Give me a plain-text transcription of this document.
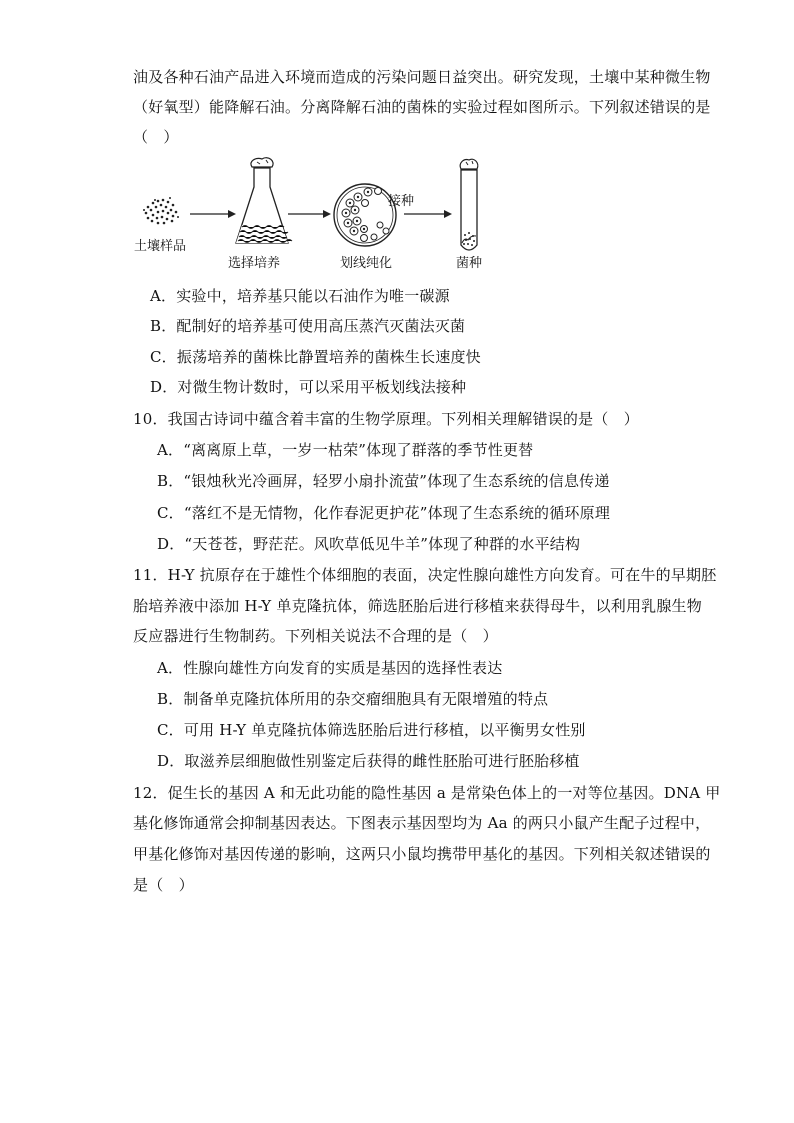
油及各种石油产品进入环境而造成的污染问题日益突出。研究发现，土壤中某种微生物
（好氧型）能降解石油。分离降解石油的菌株的实验过程如图所示。下列叙述错误的是
（　）
土壤样品
选择培养	划线纯化
接种
菌种
A．实验中，培养基只能以石油作为唯一碳源
B．配制好的培养基可使用高压蒸汽灭菌法灭菌
C．振荡培养的菌株比静置培养的菌株生长速度快
D．对微生物计数时，可以采用平板划线法接种
10．我国古诗词中蕴含着丰富的生物学原理。下列相关理解错误的是（　）
A．“离离原上草，一岁一枯荣”体现了群落的季节性更替
B．“银烛秋光冷画屏，轻罗小扇扑流萤”体现了生态系统的信息传递
C．“落红不是无情物，化作春泥更护花”体现了生态系统的循环原理
D．“天苍苍，野茫茫。风吹草低见牛羊”体现了种群的水平结构
11．H-Y 抗原存在于雄性个体细胞的表面，决定性腺向雄性方向发育。可在牛的早期胚
胎培养液中添加 H-Y 单克隆抗体，筛选胚胎后进行移植来获得母牛，以利用乳腺生物
反应器进行生物制药。下列相关说法不合理的是（　）
A．性腺向雄性方向发育的实质是基因的选择性表达
B．制备单克隆抗体所用的杂交瘤细胞具有无限增殖的特点
C．可用 H-Y 单克隆抗体筛选胚胎后进行移植，以平衡男女性别
D．取滋养层细胞做性别鉴定后获得的雌性胚胎可进行胚胎移植
12．促生长的基因 A 和无此功能的隐性基因 a 是常染色体上的一对等位基因。DNA 甲
基化修饰通常会抑制基因表达。下图表示基因型均为 Aa 的两只小鼠产生配子过程中，
甲基化修饰对基因传递的影响，这两只小鼠均携带甲基化的基因。下列相关叙述错误的
是（　）
